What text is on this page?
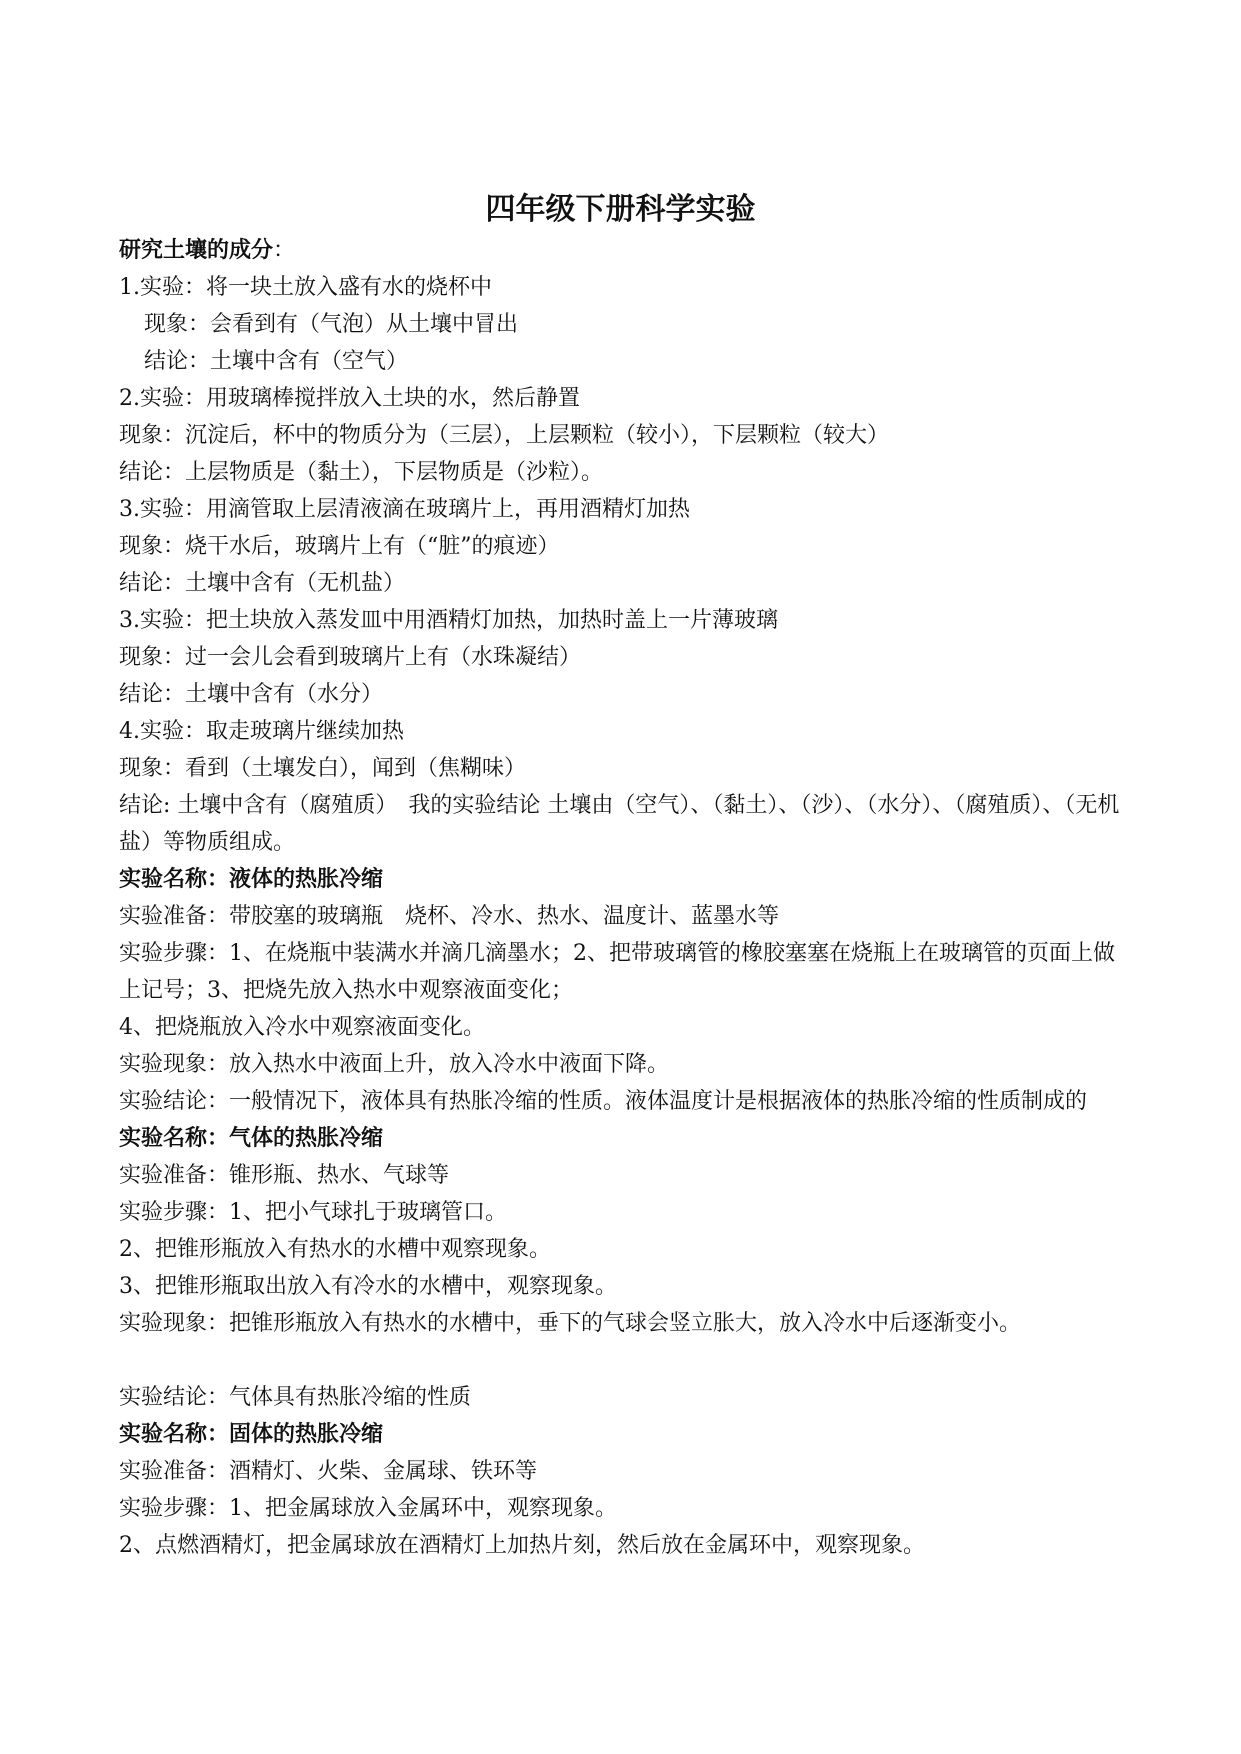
四年级下册科学实验
研究土壤的成分：
1.实验：将一块土放入盛有水的烧杯中
现象：会看到有（气泡）从土壤中冒出
结论：土壤中含有（空气）
2.实验：用玻璃棒搅拌放入土块的水，然后静置
现象：沉淀后，杯中的物质分为（三层），上层颗粒（较小），下层颗粒（较大）
结论：上层物质是（黏土），下层物质是（沙粒）。
3.实验：用滴管取上层清液滴在玻璃片上，再用酒精灯加热
现象：烧干水后，玻璃片上有（“脏”的痕迹）
结论：土壤中含有（无机盐）
3.实验：把土块放入蒸发皿中用酒精灯加热，加热时盖上一片薄玻璃
现象：过一会儿会看到玻璃片上有（水珠凝结）
结论：土壤中含有（水分）
4.实验：取走玻璃片继续加热
现象：看到（土壤发白），闻到（焦糊味）
结论: 土壤中含有（腐殖质）　我的实验结论 土壤由（空气）、（黏土）、（沙）、（水分）、（腐殖质）、（无机盐）等物质组成。
实验名称：液体的热胀冷缩
实验准备：带胶塞的玻璃瓶　烧杯、冷水、热水、温度计、蓝墨水等
实验步骤：1、在烧瓶中装满水并滴几滴墨水；2、把带玻璃管的橡胶塞塞在烧瓶上在玻璃管的页面上做上记号；3、把烧先放入热水中观察液面变化；
4、把烧瓶放入冷水中观察液面变化。
实验现象：放入热水中液面上升，放入冷水中液面下降。
实验结论：一般情况下，液体具有热胀冷缩的性质。液体温度计是根据液体的热胀冷缩的性质制成的
实验名称：气体的热胀冷缩
实验准备：锥形瓶、热水、气球等
实验步骤：1、把小气球扎于玻璃管口。
2、把锥形瓶放入有热水的水槽中观察现象。
3、把锥形瓶取出放入有冷水的水槽中，观察现象。
实验现象：把锥形瓶放入有热水的水槽中，垂下的气球会竖立胀大，放入冷水中后逐渐变小。
实验结论：气体具有热胀冷缩的性质
实验名称：固体的热胀冷缩
实验准备：酒精灯、火柴、金属球、铁环等
实验步骤：1、把金属球放入金属环中，观察现象。
2、点燃酒精灯，把金属球放在酒精灯上加热片刻，然后放在金属环中，观察现象。
